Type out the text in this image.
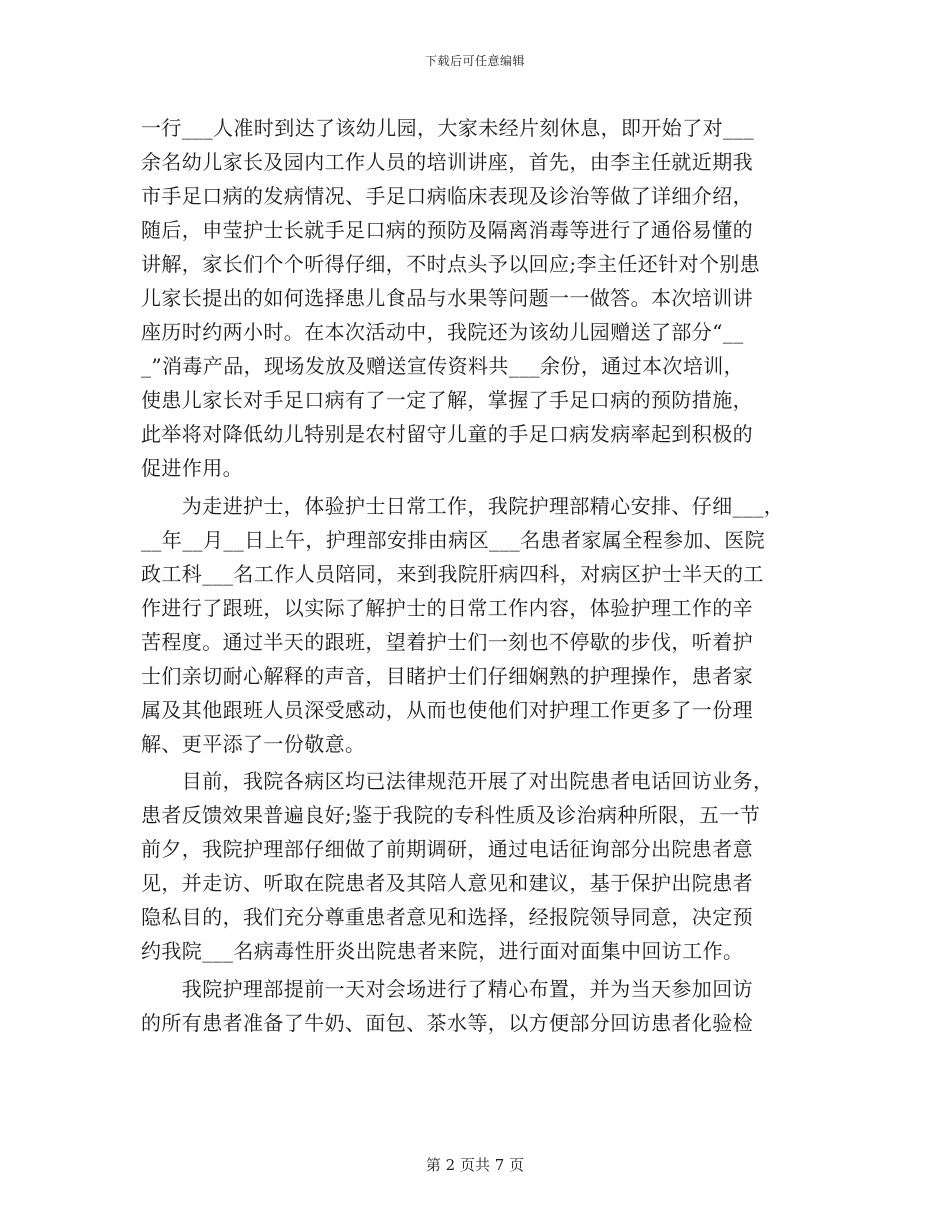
下载后可任意编辑
一行___人准时到达了该幼儿园，大家未经片刻休息，即开始了对___
余名幼儿家长及园内工作人员的培训讲座，首先，由李主任就近期我
市手足口病的发病情况、手足口病临床表现及诊治等做了详细介绍，
随后，申莹护士长就手足口病的预防及隔离消毒等进行了通俗易懂的
讲解，家长们个个听得仔细，不时点头予以回应;李主任还针对个别患
儿家长提出的如何选择患儿食品与水果等问题一一做答。本次培训讲
座历时约两小时。在本次活动中，我院还为该幼儿园赠送了部分“__
_”消毒产品，现场发放及赠送宣传资料共___余份，通过本次培训，
使患儿家长对手足口病有了一定了解，掌握了手足口病的预防措施，
此举将对降低幼儿特别是农村留守儿童的手足口病发病率起到积极的
促进作用。
　　为走进护士，体验护士日常工作，我院护理部精心安排、仔细___，
__年__月__日上午，护理部安排由病区___名患者家属全程参加、医院
政工科___名工作人员陪同，来到我院肝病四科，对病区护士半天的工
作进行了跟班，以实际了解护士的日常工作内容，体验护理工作的辛
苦程度。通过半天的跟班，望着护士们一刻也不停歇的步伐，听着护
士们亲切耐心解释的声音，目睹护士们仔细娴熟的护理操作，患者家
属及其他跟班人员深受感动，从而也使他们对护理工作更多了一份理
解、更平添了一份敬意。
　　目前，我院各病区均已法律规范开展了对出院患者电话回访业务，
患者反馈效果普遍良好;鉴于我院的专科性质及诊治病种所限，五一节
前夕，我院护理部仔细做了前期调研，通过电话征询部分出院患者意
见，并走访、听取在院患者及其陪人意见和建议，基于保护出院患者
隐私目的，我们充分尊重患者意见和选择，经报院领导同意，决定预
约我院___名病毒性肝炎出院患者来院，进行面对面集中回访工作。
　　我院护理部提前一天对会场进行了精心布置，并为当天参加回访
的所有患者准备了牛奶、面包、茶水等，以方便部分回访患者化验检
第 2 页共 7 页
